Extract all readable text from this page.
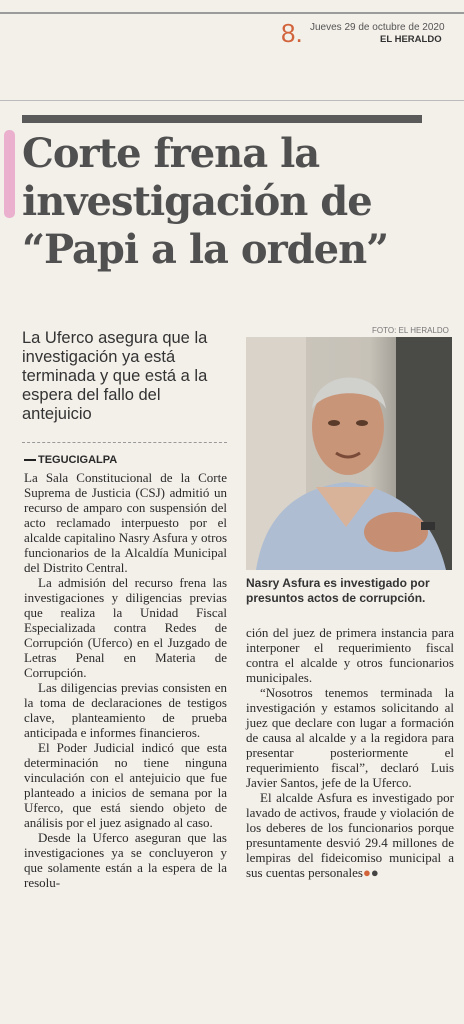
8. Jueves 29 de octubre de 2020
EL HERALDO
Corte frena la investigación de “Papi a la orden”
La Uferco asegura que la investigación ya está terminada y que está a la espera del fallo del antejuicio
FOTO: EL HERALDO
Nasry Asfura es investigado por presuntos actos de corrupción.
TEGUCIGALPA

La Sala Constitucional de la Corte Suprema de Justicia (CSJ) admitió un recurso de amparo con suspensión del acto reclamado interpuesto por el alcalde capitalino Nasry Asfura y otros funcionarios de la Alcaldía Municipal del Distrito Central.

La admisión del recurso frena las investigaciones y diligencias previas que realiza la Unidad Fiscal Especializada contra Redes de Corrupción (Uferco) en el Juzgado de Letras Penal en Materia de Corrupción.

Las diligencias previas consisten en la toma de declaraciones de testigos clave, planteamiento de prueba anticipada e informes financieros.

El Poder Judicial indicó que esta determinación no tiene ninguna vinculación con el antejuicio que fue planteado a inicios de semana por la Uferco, que está siendo objeto de análisis por el juez asignado al caso.

Desde la Uferco aseguran que las investigaciones ya se concluyeron y que solamente están a la espera de la resolu-

ción del juez de primera instancia para interponer el requerimiento fiscal contra el alcalde y otros funcionarios municipales.

“Nosotros tenemos terminada la investigación y estamos solicitando al juez que declare con lugar a formación de causa al alcalde y a la regidora para presentar posteriormente el requerimiento fiscal”, declaró Luis Javier Santos, jefe de la Uferco.

El alcalde Asfura es investigado por lavado de activos, fraude y violación de los deberes de los funcionarios porque presuntamente desvió 29.4 millones de lempiras del fideicomiso municipal a sus cuentas personales●●
